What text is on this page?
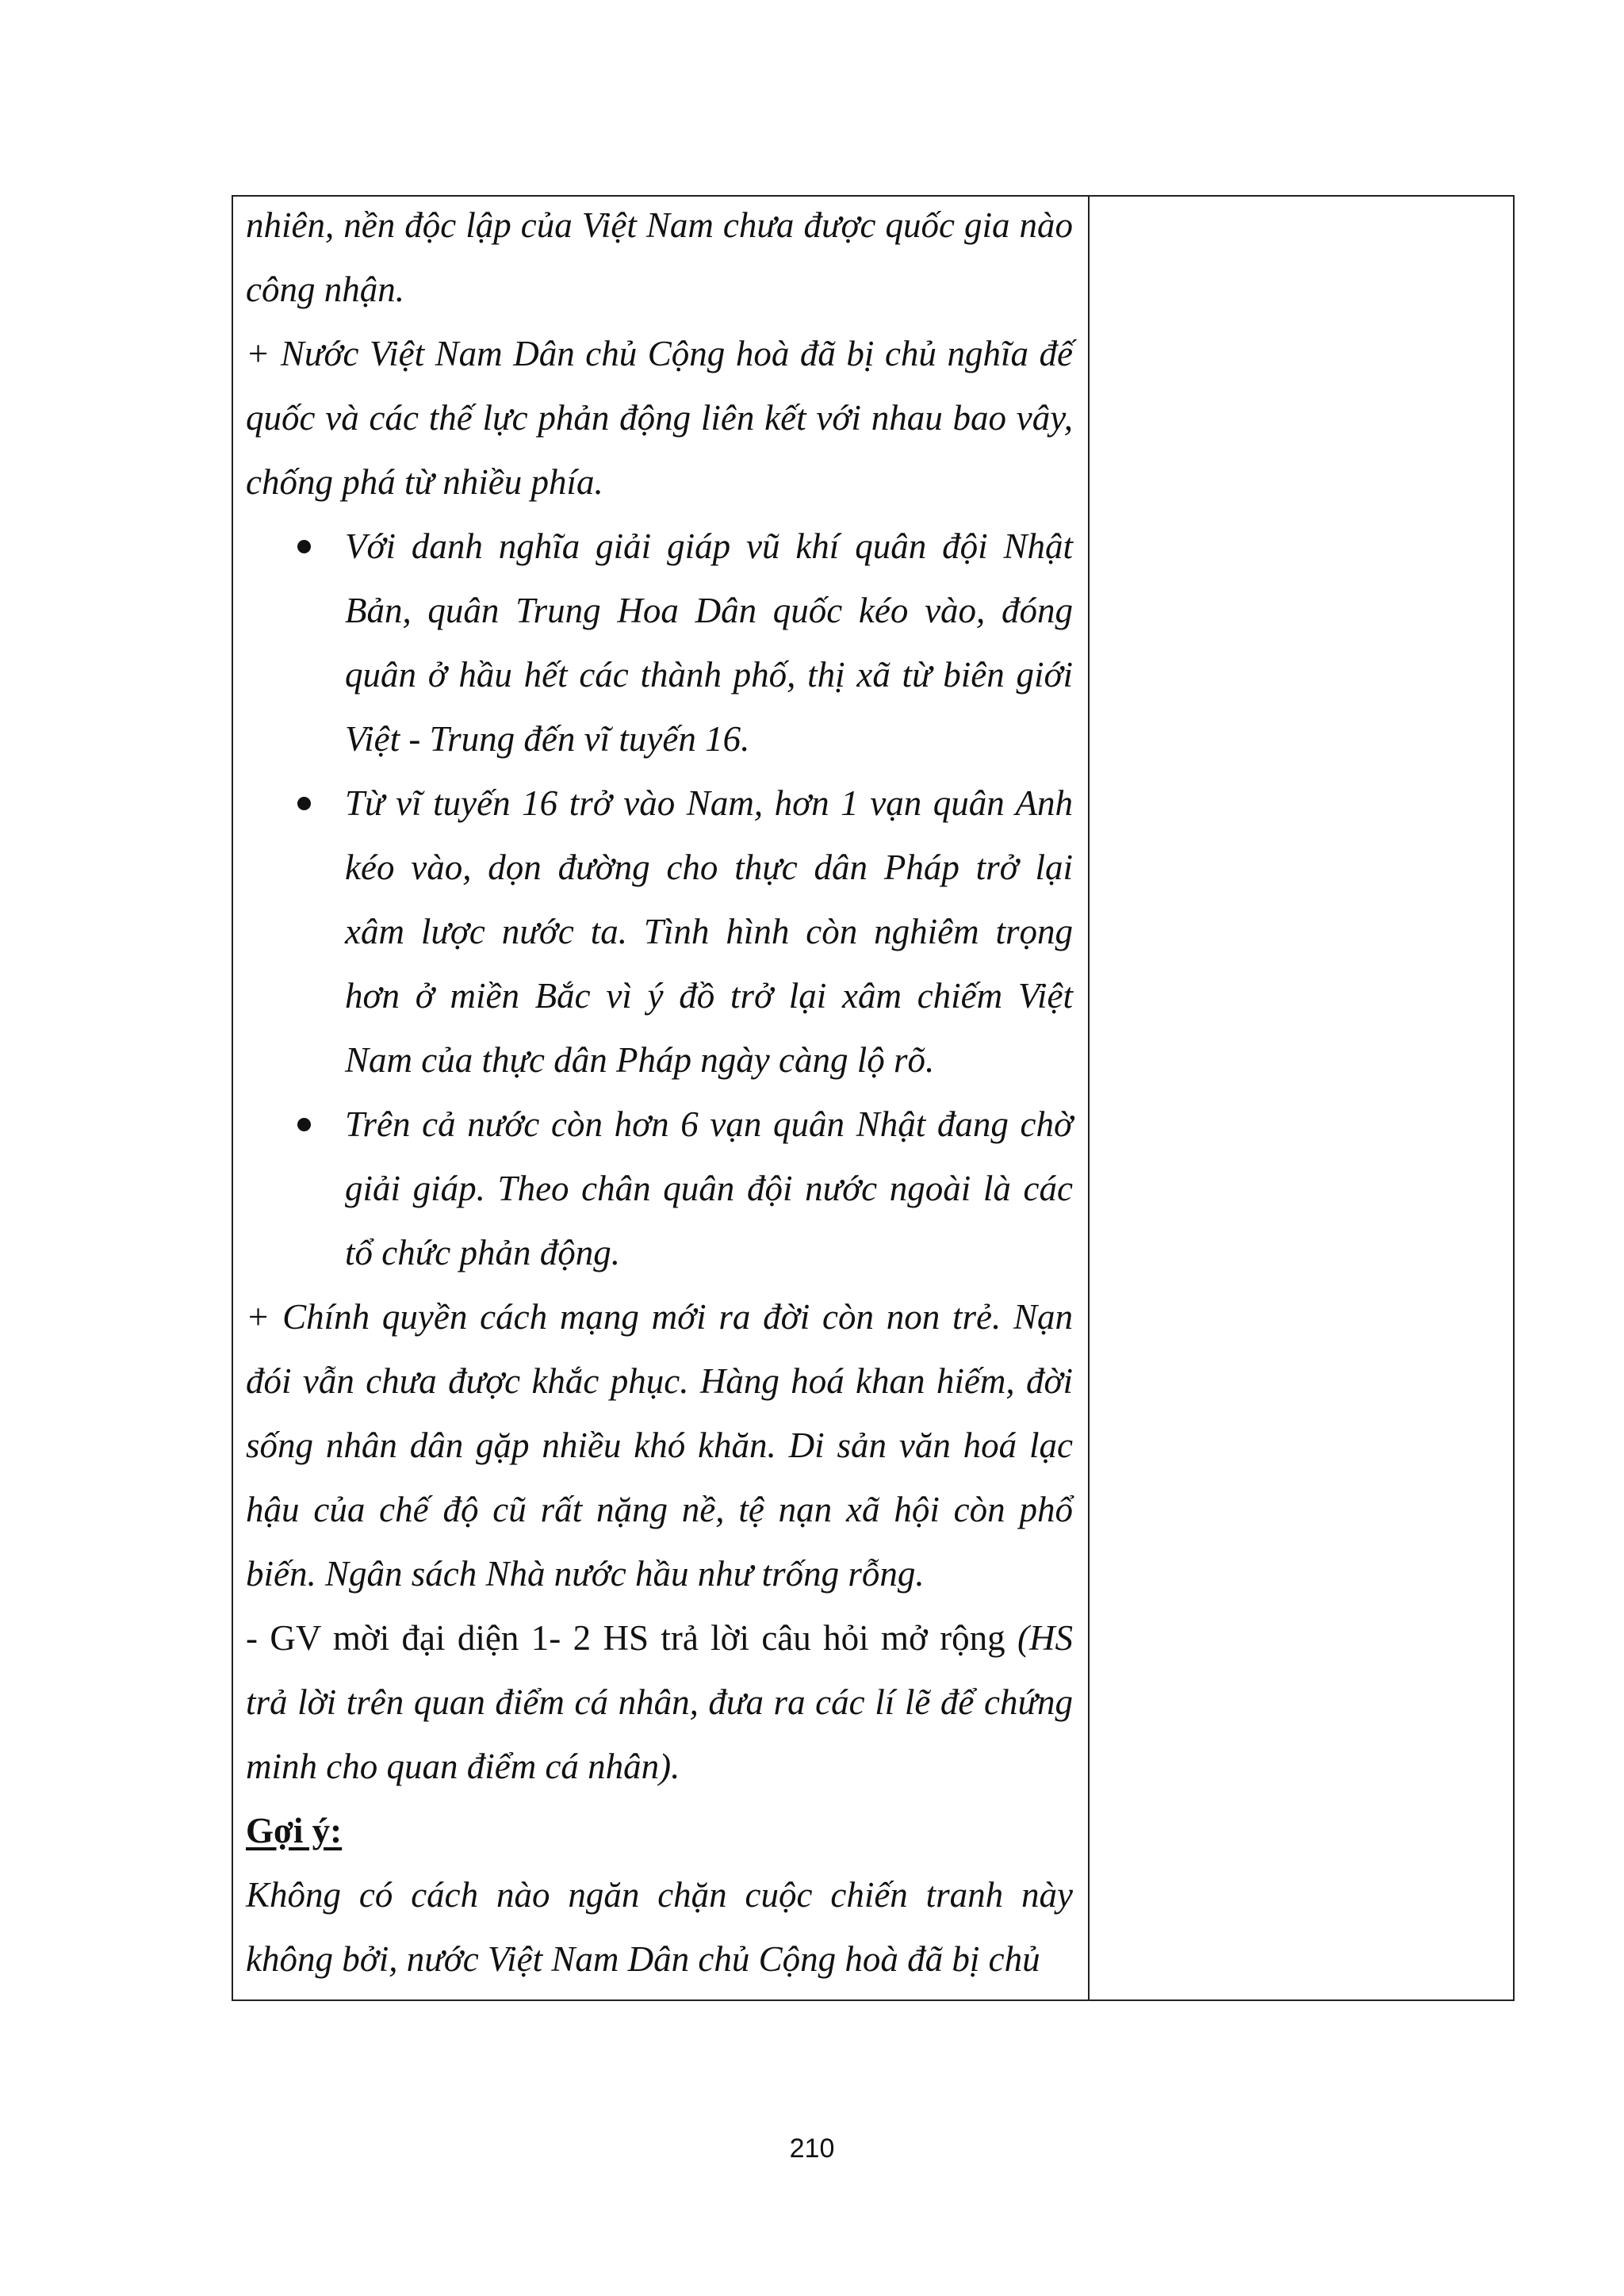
nhiên, nền độc lập của Việt Nam chưa được quốc gia nào công nhận.

+ Nước Việt Nam Dân chủ Cộng hoà đã bị chủ nghĩa đế quốc và các thế lực phản động liên kết với nhau bao vây, chống phá từ nhiều phía.

Với danh nghĩa giải giáp vũ khí quân đội Nhật Bản, quân Trung Hoa Dân quốc kéo vào, đóng quân ở hầu hết các thành phố, thị xã từ biên giới Việt - Trung đến vĩ tuyến 16.
Từ vĩ tuyến 16 trở vào Nam, hơn 1 vạn quân Anh kéo vào, dọn đường cho thực dân Pháp trở lại xâm lược nước ta. Tình hình còn nghiêm trọng hơn ở miền Bắc vì ý đồ trở lại xâm chiếm Việt Nam của thực dân Pháp ngày càng lộ rõ.
Trên cả nước còn hơn 6 vạn quân Nhật đang chờ giải giáp. Theo chân quân đội nước ngoài là các tổ chức phản động.

+ Chính quyền cách mạng mới ra đời còn non trẻ. Nạn đói vẫn chưa được khắc phục. Hàng hoá khan hiếm, đời sống nhân dân gặp nhiều khó khăn. Di sản văn hoá lạc hậu của chế độ cũ rất nặng nề, tệ nạn xã hội còn phổ biến. Ngân sách Nhà nước hầu như trống rỗng.

- GV mời đại diện 1- 2 HS trả lời câu hỏi mở rộng (HS trả lời trên quan điểm cá nhân, đưa ra các lí lẽ để chứng minh cho quan điểm cá nhân).

Gợi ý:

Không có cách nào ngăn chặn cuộc chiến tranh này không bởi, nước Việt Nam Dân chủ Cộng hoà đã bị chủ

210
